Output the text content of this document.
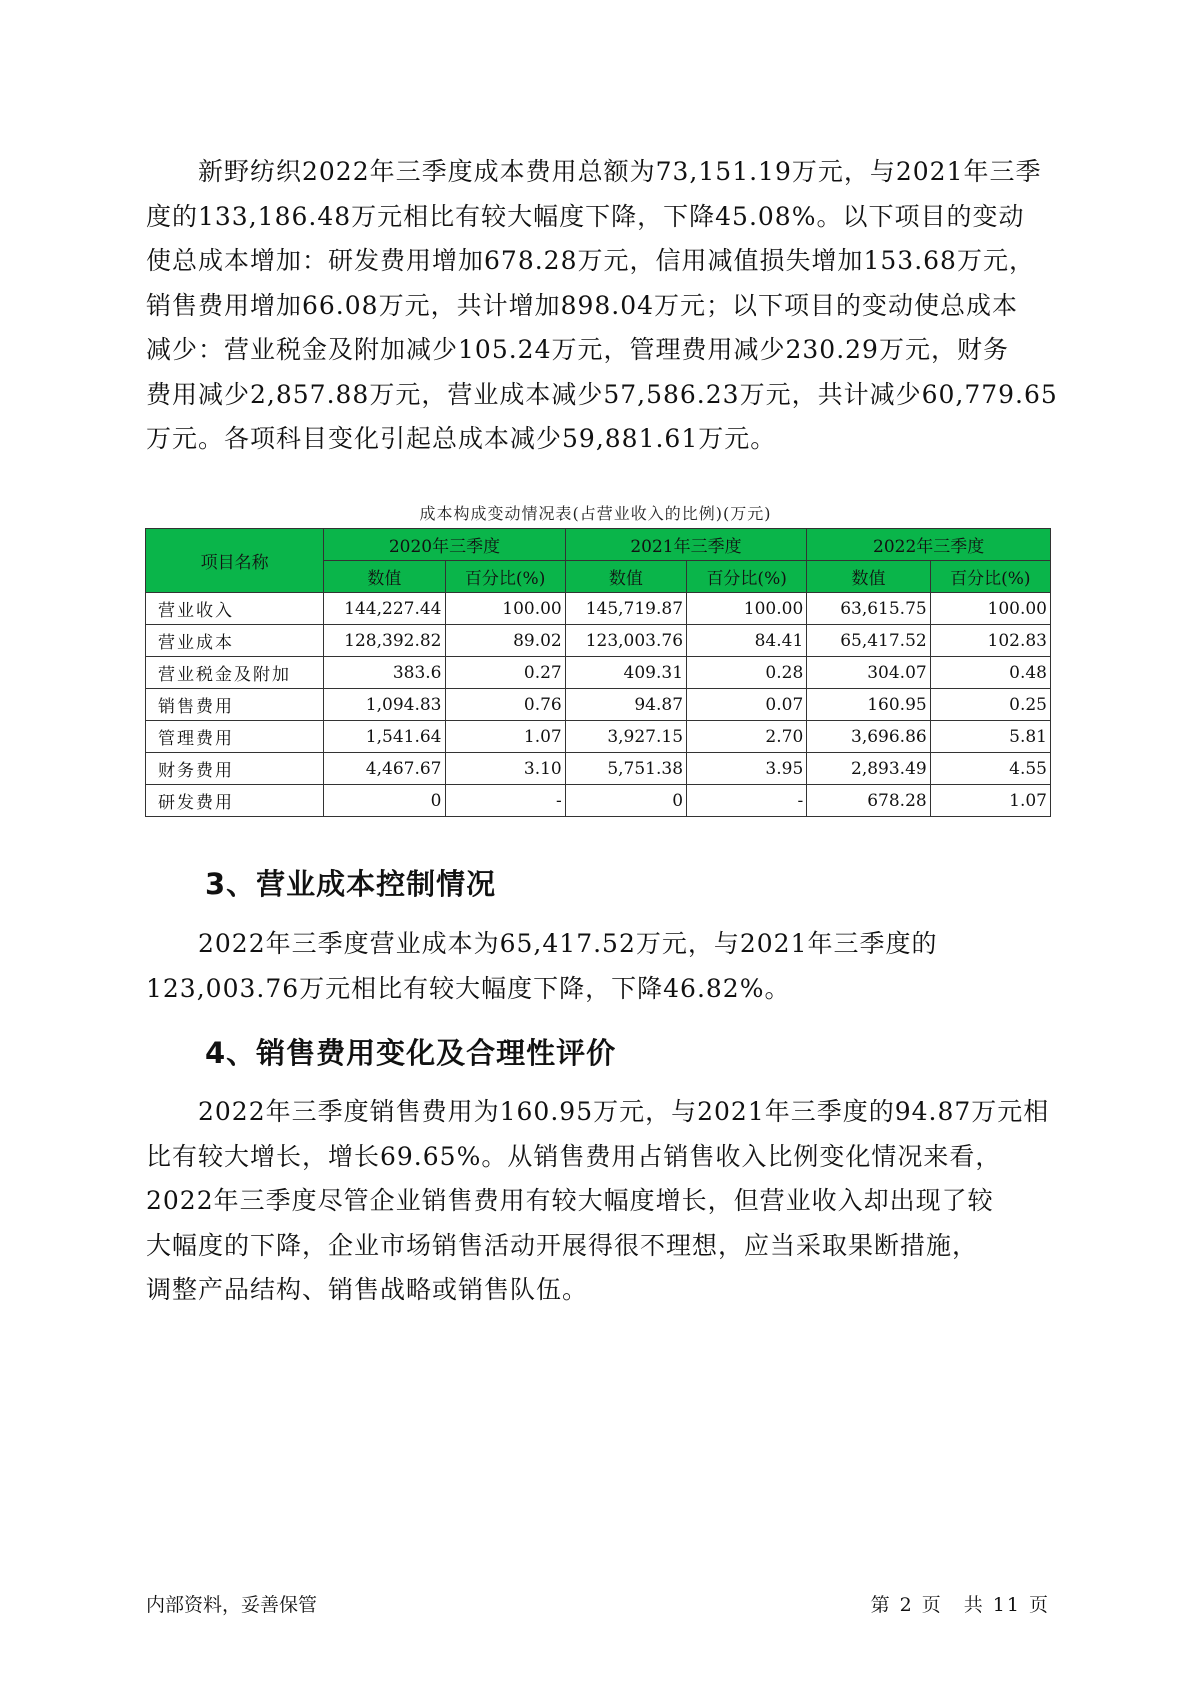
　　新野纺织2022年三季度成本费用总额为73,151.19万元，与2021年三季
度的133,186.48万元相比有较大幅度下降，下降45.08%。以下项目的变动
使总成本增加：研发费用增加678.28万元，信用减值损失增加153.68万元，
销售费用增加66.08万元，共计增加898.04万元；以下项目的变动使总成本
减少：营业税金及附加减少105.24万元，管理费用减少230.29万元，财务
费用减少2,857.88万元，营业成本减少57,586.23万元，共计减少60,779.65
万元。各项科目变化引起总成本减少59,881.61万元。
成本构成变动情况表(占营业收入的比例)(万元)
项目名称	2020年三季度		2021年三季度		2022年三季度	
	数值	百分比(%)	数值	百分比(%)	数值	百分比(%)
营业收入	144,227.44	100.00	145,719.87	100.00	63,615.75	100.00
营业成本	128,392.82	89.02	123,003.76	84.41	65,417.52	102.83
营业税金及附加	383.6	0.27	409.31	0.28	304.07	0.48
销售费用	1,094.83	0.76	94.87	0.07	160.95	0.25
管理费用	1,541.64	1.07	3,927.15	2.70	3,696.86	5.81
财务费用	4,467.67	3.10	5,751.38	3.95	2,893.49	4.55
研发费用	0	-	0	-	678.28	1.07
3、营业成本控制情况
　　2022年三季度营业成本为65,417.52万元，与2021年三季度的
123,003.76万元相比有较大幅度下降，下降46.82%。
4、销售费用变化及合理性评价
　　2022年三季度销售费用为160.95万元，与2021年三季度的94.87万元相
比有较大增长，增长69.65%。从销售费用占销售收入比例变化情况来看，
2022年三季度尽管企业销售费用有较大幅度增长，但营业收入却出现了较
大幅度的下降，企业市场销售活动开展得很不理想，应当采取果断措施，
调整产品结构、销售战略或销售队伍。
内部资料，妥善保管	第 2 页　共 11 页
